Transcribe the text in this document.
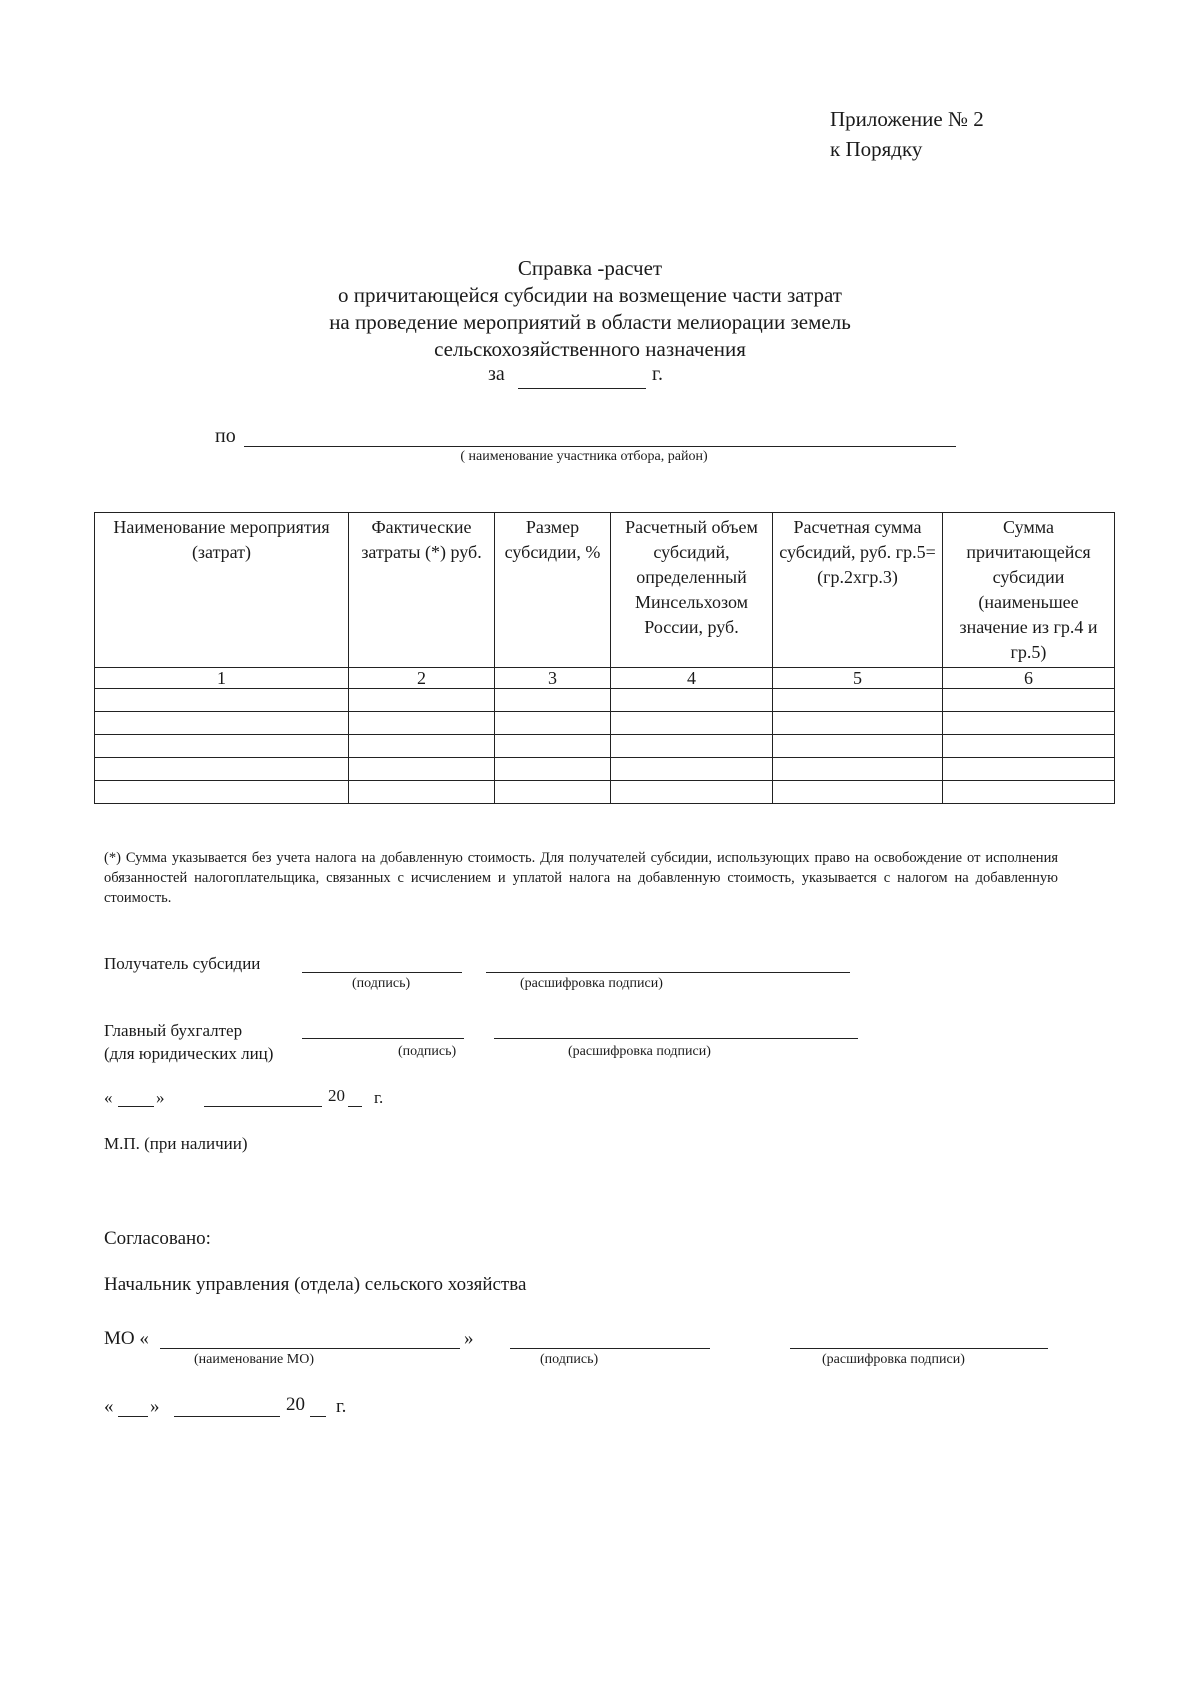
Приложение № 2
к Порядку
Справка -расчет
о причитающейся субсидии на возмещение части затрат
на проведение мероприятий в области мелиорации земель
сельскохозяйственного назначения
за	г.
по
( наименование участника отбора, район)
Наименование мероприятия (затрат)	Фактические затраты (*) руб.	Размер субсидии, %	Расчетный объем субсидий, определенный Минсельхозом России, руб.	Расчетная сумма субсидий, руб. гр.5=(гр.2хгр.3)	Сумма причитающейся субсидии (наименьшее значение из гр.4 и гр.5)
1	2	3	4	5	6

(*) Сумма указывается без учета налога на добавленную стоимость. Для получателей субсидии, использующих право на освобождение от исполнения обязанностей налогоплательщика, связанных с исчислением и уплатой налога на добавленную стоимость, указывается с налогом на добавленную стоимость.
Получатель субсидии
(подпись)	(расшифровка подписи)
Главный бухгалтер
(для юридических лиц)	(подпись)	(расшифровка подписи)
«	»	20 г.
М.П. (при наличии)
Согласовано:
Начальник управления (отдела) сельского хозяйства
МО «	»
(наименование МО)	(подпись)	(расшифровка подписи)
« »	20 г.
